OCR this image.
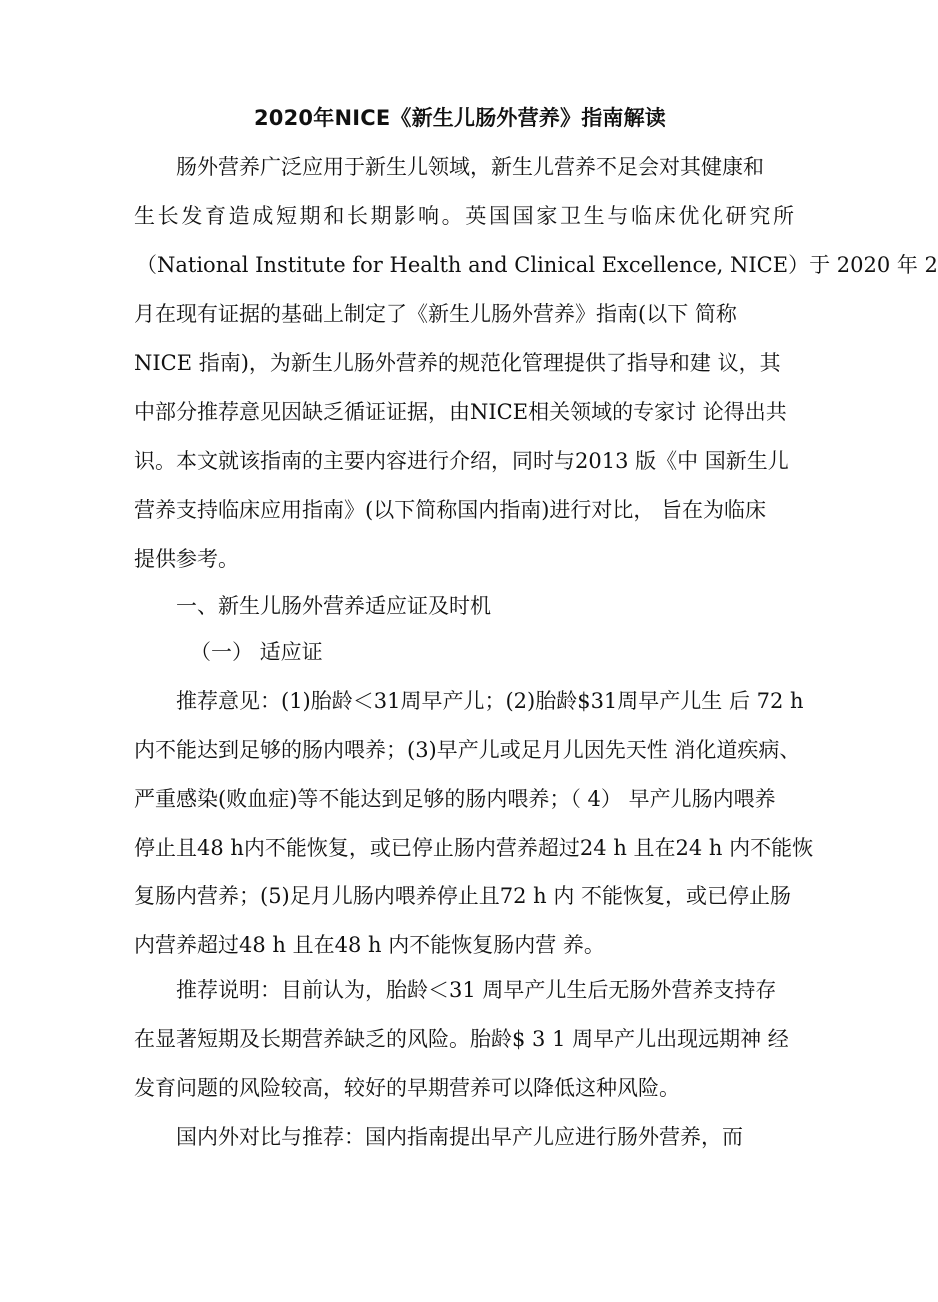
2020年NICE《新生儿肠外营养》指南解读
肠外营养广泛应用于新生儿领域，新生儿营养不足会对其健康和
生长发育造成短期和长期影响。英国国家卫生与临床优化研究所
（National Institute for Health and Clinical Excellence, NICE）于 2020 年 2
月在现有证据的基础上制定了《新生儿肠外营养》指南(以下 简称
NICE 指南)，为新生儿肠外营养的规范化管理提供了指导和建 议，其
中部分推荐意见因缺乏循证证据，由NICE相关领域的专家讨 论得出共
识。本文就该指南的主要内容进行介绍，同时与2013 版《中 国新生儿
营养支持临床应用指南》(以下简称国内指南)进行对比， 旨在为临床
提供参考。
一、新生儿肠外营养适应证及时机
（一） 适应证
推荐意见：(1)胎龄＜31周早产儿；(2)胎龄$31周早产儿生 后 72 h
内不能达到足够的肠内喂养；(3)早产儿或足月儿因先天性 消化道疾病、
严重感染(败血症)等不能达到足够的肠内喂养；（ 4） 早产儿肠内喂养
停止且48 h内不能恢复，或已停止肠内营养超过24 h 且在24 h 内不能恢
复肠内营养；(5)足月儿肠内喂养停止且72 h 内 不能恢复，或已停止肠
内营养超过48 h 且在48 h 内不能恢复肠内营 养。
推荐说明：目前认为，胎龄＜31 周早产儿生后无肠外营养支持存
在显著短期及长期营养缺乏的风险。胎龄$ 3 1 周早产儿出现远期神 经
发育问题的风险较高，较好的早期营养可以降低这种风险。
国内外对比与推荐：国内指南提出早产儿应进行肠外营养，而
